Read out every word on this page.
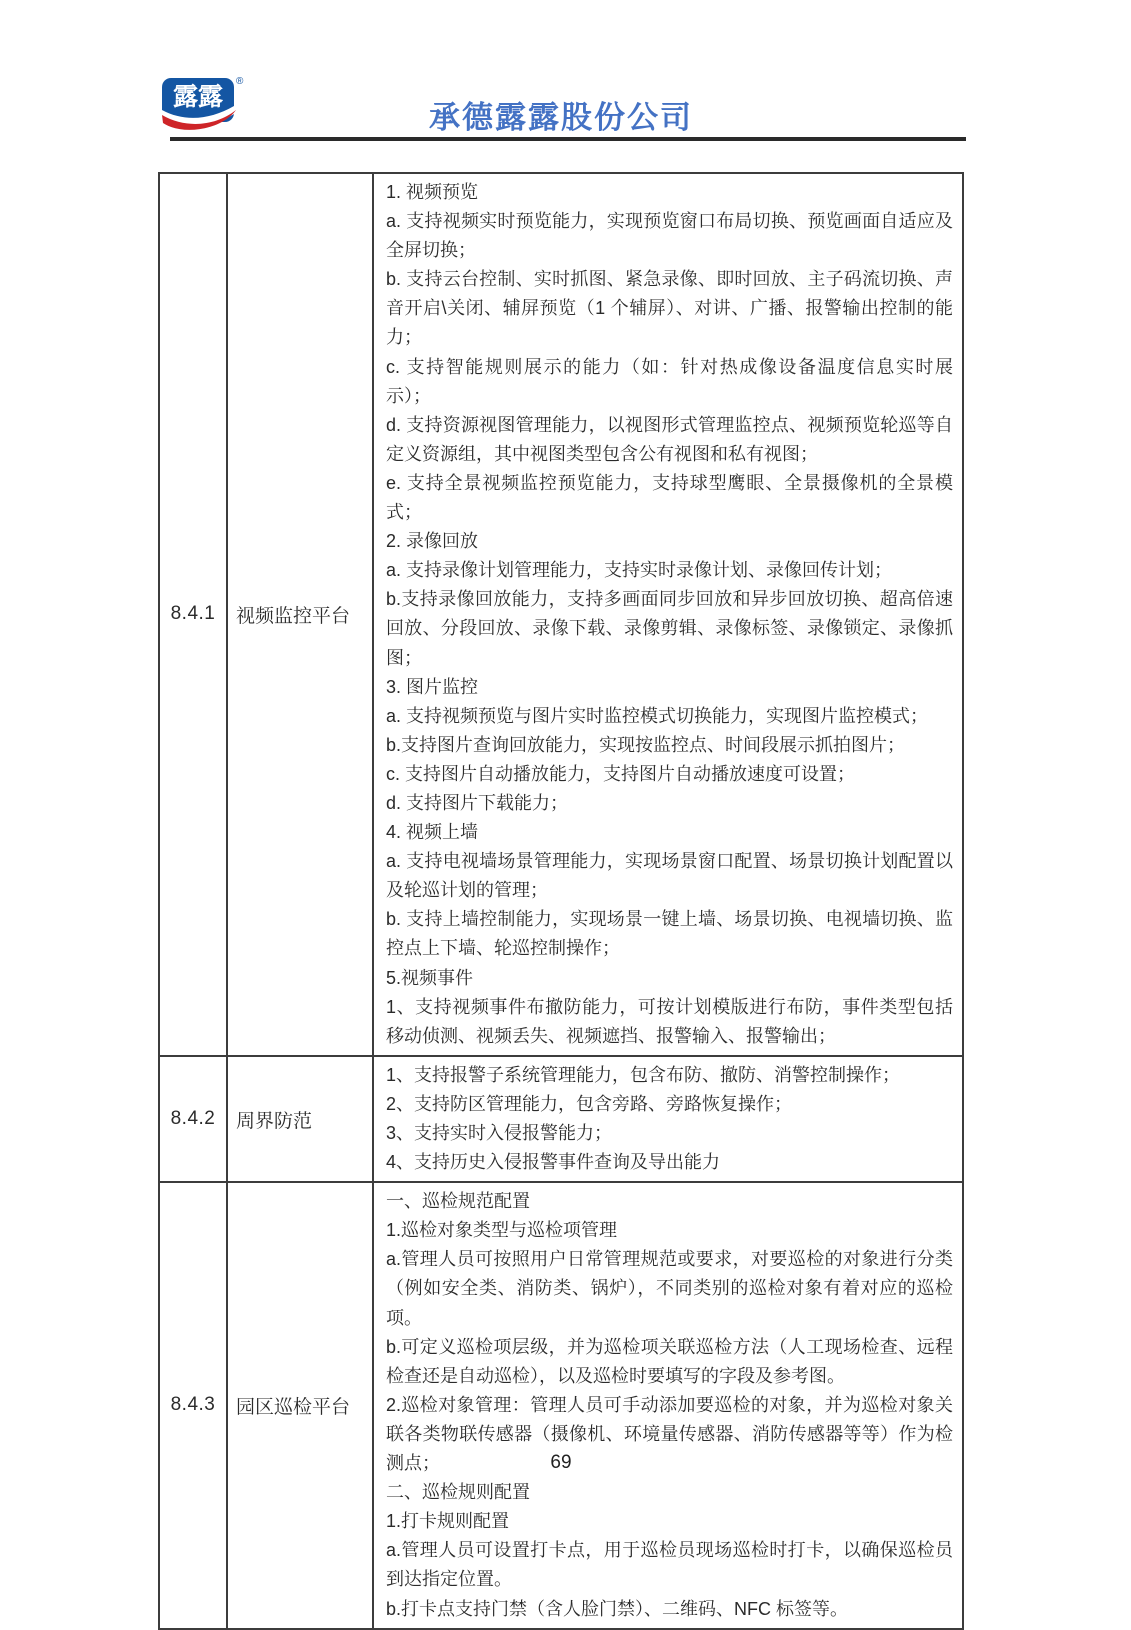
露露
®
承德露露股份公司
8.4.1	视频监控平台	

1. 视频预览

a. 支持视频实时预览能力，实现预览窗口布局切换、预览画面自适应及全屏切换；

b. 支持云台控制、实时抓图、紧急录像、即时回放、主子码流切换、声音开启\关闭、辅屏预览（1 个辅屏）、对讲、广播、报警输出控制的能力；

c. 支持智能规则展示的能力（如：针对热成像设备温度信息实时展示）；

d. 支持资源视图管理能力，以视图形式管理监控点、视频预览轮巡等自定义资源组，其中视图类型包含公有视图和私有视图；

e. 支持全景视频监控预览能力，支持球型鹰眼、全景摄像机的全景模式；

2. 录像回放

a. 支持录像计划管理能力，支持实时录像计划、录像回传计划；

b.支持录像回放能力，支持多画面同步回放和异步回放切换、超高倍速回放、分段回放、录像下载、录像剪辑、录像标签、录像锁定、录像抓图；

3. 图片监控

a. 支持视频预览与图片实时监控模式切换能力，实现图片监控模式；

b.支持图片查询回放能力，实现按监控点、时间段展示抓拍图片；

c. 支持图片自动播放能力，支持图片自动播放速度可设置；

d. 支持图片下载能力；

4. 视频上墙

a. 支持电视墙场景管理能力，实现场景窗口配置、场景切换计划配置以及轮巡计划的管理；

b. 支持上墙控制能力，实现场景一键上墙、场景切换、电视墙切换、监控点上下墙、轮巡控制操作；

5.视频事件

1、支持视频事件布撤防能力，可按计划模版进行布防，事件类型包括移动侦测、视频丢失、视频遮挡、报警输入、报警输出；

8.4.2	周界防范	1、支持报警子系统管理能力，包含布防、撤防、消警控制操作；

2、支持防区管理能力，包含旁路、旁路恢复操作；

3、支持实时入侵报警能力；

4、支持历史入侵报警事件查询及导出能力

8.4.3	园区巡检平台	

一、巡检规范配置

1.巡检对象类型与巡检项管理

a.管理人员可按照用户日常管理规范或要求，对要巡检的对象进行分类（例如安全类、消防类、锅炉），不同类别的巡检对象有着对应的巡检项。

b.可定义巡检项层级，并为巡检项关联巡检方法（人工现场检查、远程检查还是自动巡检），以及巡检时要填写的字段及参考图。

2.巡检对象管理：管理人员可手动添加要巡检的对象，并为巡检对象关联各类物联传感器（摄像机、环境量传感器、消防传感器等等）作为检测点；

二、巡检规则配置

1.打卡规则配置

a.管理人员可设置打卡点，用于巡检员现场巡检时打卡，以确保巡检员到达指定位置。

b.打卡点支持门禁（含人脸门禁）、二维码、NFC 标签等。

69
